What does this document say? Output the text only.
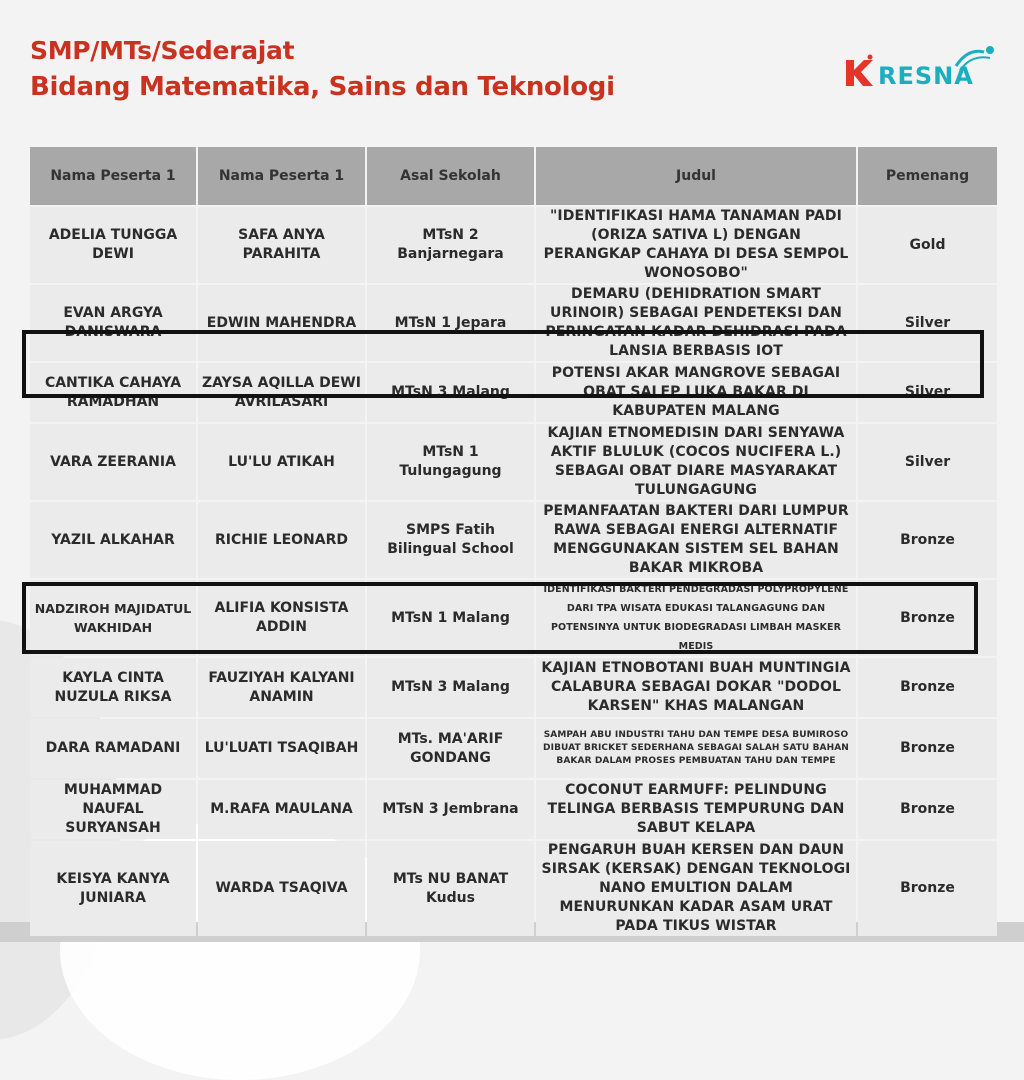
SMP/MTs/Sederajat
Bidang Matematika, Sains dan Teknologi	RESNA
Nama Peserta 1	Nama Peserta 1	Asal Sekolah	Judul	Pemenang
ADELIA TUNGGA DEWI	SAFA ANYA PARAHITA	MTsN 2 Banjarnegara	"IDENTIFIKASI HAMA TANAMAN PADI (ORIZA SATIVA L) DENGAN PERANGKAP CAHAYA DI DESA SEMPOL WONOSOBO"	Gold
EVAN ARGYA DANISWARA	EDWIN MAHENDRA	MTsN 1 Jepara	DEMARU (DEHIDRATION SMART URINOIR) SEBAGAI PENDETEKSI DAN PERINGATAN KADAR DEHIDRASI PADA LANSIA BERBASIS IOT	Silver
CANTIKA CAHAYA RAMADHAN	ZAYSA AQILLA DEWI AVRILASARI	MTsN 3 Malang	POTENSI AKAR MANGROVE SEBAGAI OBAT SALEP LUKA BAKAR DI KABUPATEN MALANG	Silver
VARA ZEERANIA	LU'LU ATIKAH	MTsN 1 Tulungagung	KAJIAN ETNOMEDISIN DARI SENYAWA AKTIF BLULUK (COCOS NUCIFERA L.) SEBAGAI OBAT DIARE MASYARAKAT TULUNGAGUNG	Silver
YAZIL ALKAHAR	RICHIE LEONARD	SMPS Fatih Bilingual School	PEMANFAATAN BAKTERI DARI LUMPUR RAWA SEBAGAI ENERGI ALTERNATIF MENGGUNAKAN SISTEM SEL BAHAN BAKAR MIKROBA	Bronze
NADZIROH MAJIDATUL WAKHIDAH	ALIFIA KONSISTA ADDIN	MTsN 1 Malang	IDENTIFIKASI BAKTERI PENDEGRADASI POLYPROPYLENE DARI TPA WISATA EDUKASI TALANGAGUNG DAN POTENSINYA UNTUK BIODEGRADASI LIMBAH MASKER MEDIS	Bronze
KAYLA CINTA NUZULA RIKSA	FAUZIYAH KALYANI ANAMIN	MTsN 3 Malang	KAJIAN ETNOBOTANI BUAH MUNTINGIA CALABURA SEBAGAI DOKAR "DODOL KARSEN" KHAS MALANGAN	Bronze
DARA RAMADANI	LU'LUATI TSAQIBAH	MTs. MA'ARIF GONDANG	SAMPAH ABU INDUSTRI TAHU DAN TEMPE DESA BUMIROSO DIBUAT BRICKET SEDERHANA SEBAGAI SALAH SATU BAHAN BAKAR DALAM PROSES PEMBUATAN TAHU DAN TEMPE	Bronze
MUHAMMAD NAUFAL SURYANSAH	M.RAFA MAULANA	MTsN 3 Jembrana	COCONUT EARMUFF: PELINDUNG TELINGA BERBASIS TEMPURUNG DAN SABUT KELAPA	Bronze
KEISYA KANYA JUNIARA	WARDA TSAQIVA	MTs NU BANAT Kudus	PENGARUH BUAH KERSEN DAN DAUN SIRSAK (KERSAK) DENGAN TEKNOLOGI NANO EMULTION DALAM MENURUNKAN KADAR ASAM URAT PADA TIKUS WISTAR	Bronze
